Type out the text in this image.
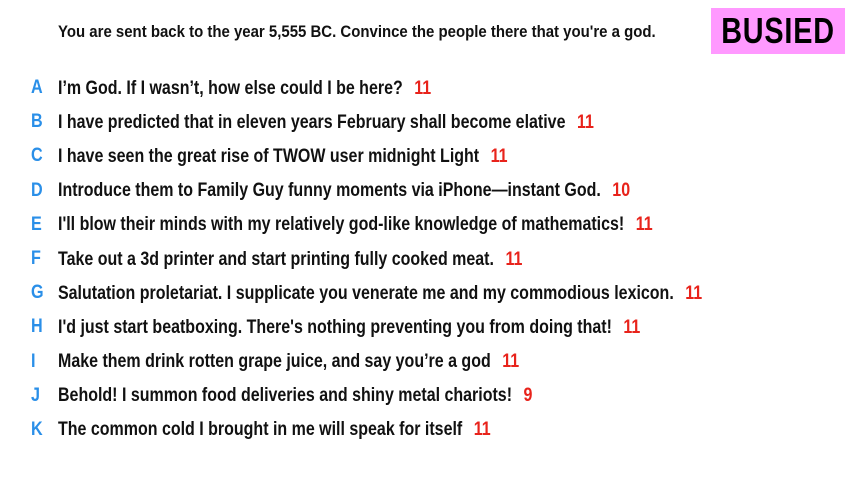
You are sent back to the year 5,555 BC. Convince the people there that you're a god. BUSIED
A I’m God. If I wasn’t, how else could I be here? 11
B I have predicted that in eleven years February shall become elative 11
C I have seen the great rise of TWOW user midnight Light 11
D Introduce them to Family Guy funny moments via iPhone—instant God. 10
E I'll blow their minds with my relatively god-like knowledge of mathematics! 11
F Take out a 3d printer and start printing fully cooked meat. 11
G Salutation proletariat. I supplicate you venerate me and my commodious lexicon. 11
H I'd just start beatboxing. There's nothing preventing you from doing that! 11
I	Make them drink rotten grape juice, and say you’re a god 11
J Behold! I summon food deliveries and shiny metal chariots! 9
K The common cold I brought in me will speak for itself 11
